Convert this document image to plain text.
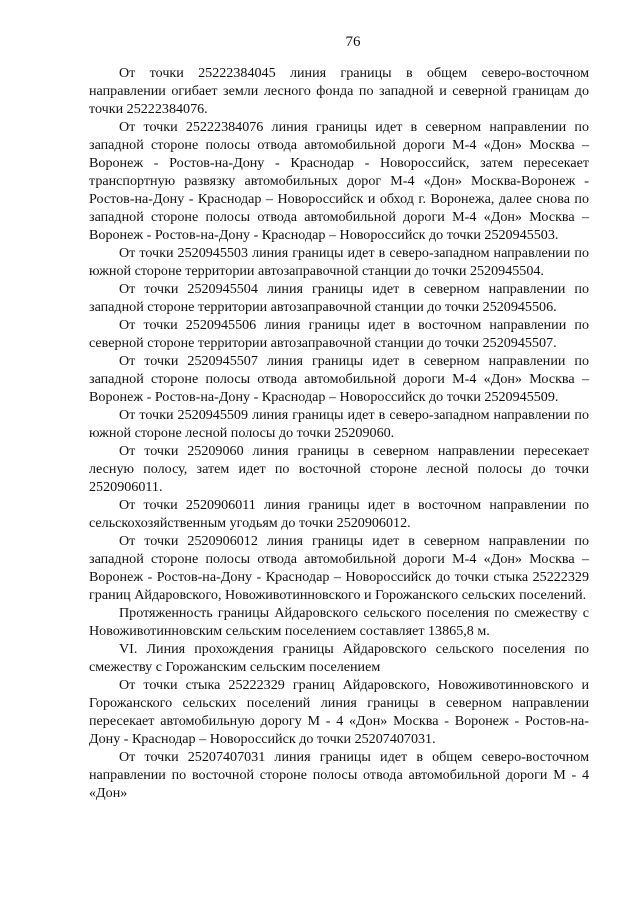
76

От точки 25222384045 линия границы в общем северо-восточном направлении огибает земли лесного фонда по западной и северной границам до точки 25222384076.

От точки 25222384076 линия границы идет в северном направлении по западной стороне полосы отвода автомобильной дороги М-4 «Дон» Москва – Воронеж - Ростов-на-Дону - Краснодар - Новороссийск, затем пересекает транспортную развязку автомобильных дорог М-4 «Дон» Москва-Воронеж - Ростов-на-Дону - Краснодар – Новороссийск и обход г. Воронежа, далее снова по западной стороне полосы отвода автомобильной дороги М-4 «Дон» Москва – Воронеж - Ростов-на-Дону - Краснодар – Новороссийск до точки 2520945503.

От точки 2520945503 линия границы идет в северо-западном направлении по южной стороне территории автозаправочной станции до точки 2520945504.

От точки 2520945504 линия границы идет в северном направлении по западной стороне территории автозаправочной станции до точки 2520945506.

От точки 2520945506 линия границы идет в восточном направлении по северной стороне территории автозаправочной станции до точки 2520945507.

От точки 2520945507 линия границы идет в северном направлении по западной стороне полосы отвода автомобильной дороги М-4 «Дон» Москва – Воронеж - Ростов-на-Дону - Краснодар – Новороссийск до точки 2520945509.

От точки 2520945509 линия границы идет в северо-западном направлении по южной стороне лесной полосы до точки 25209060.

От точки 25209060 линия границы в северном направлении пересекает лесную полосу, затем идет по восточной стороне лесной полосы до точки 2520906011.

От точки 2520906011 линия границы идет в восточном направлении по сельскохозяйственным угодьям до точки 2520906012.

От точки 2520906012 линия границы идет в северном направлении по западной стороне полосы отвода автомобильной дороги М-4 «Дон» Москва – Воронеж - Ростов-на-Дону - Краснодар – Новороссийск до точки стыка 25222329 границ Айдаровского, Новоживотинновского и Горожанского сельских поселений.

Протяженность границы Айдаровского сельского поселения по смежеству с Новоживотинновским сельским поселением составляет 13865,8 м.

VI. Линия прохождения границы Айдаровского сельского поселения по смежеству с Горожанским сельским поселением

От точки стыка 25222329 границ Айдаровского, Новоживотинновского и Горожанского сельских поселений линия границы в северном направлении пересекает автомобильную дорогу М - 4 «Дон» Москва - Воронеж - Ростов-на-Дону - Краснодар – Новороссийск до точки 25207407031.

От точки 25207407031 линия границы идет в общем северо-восточном направлении по восточной стороне полосы отвода автомобильной дороги М - 4 «Дон»
